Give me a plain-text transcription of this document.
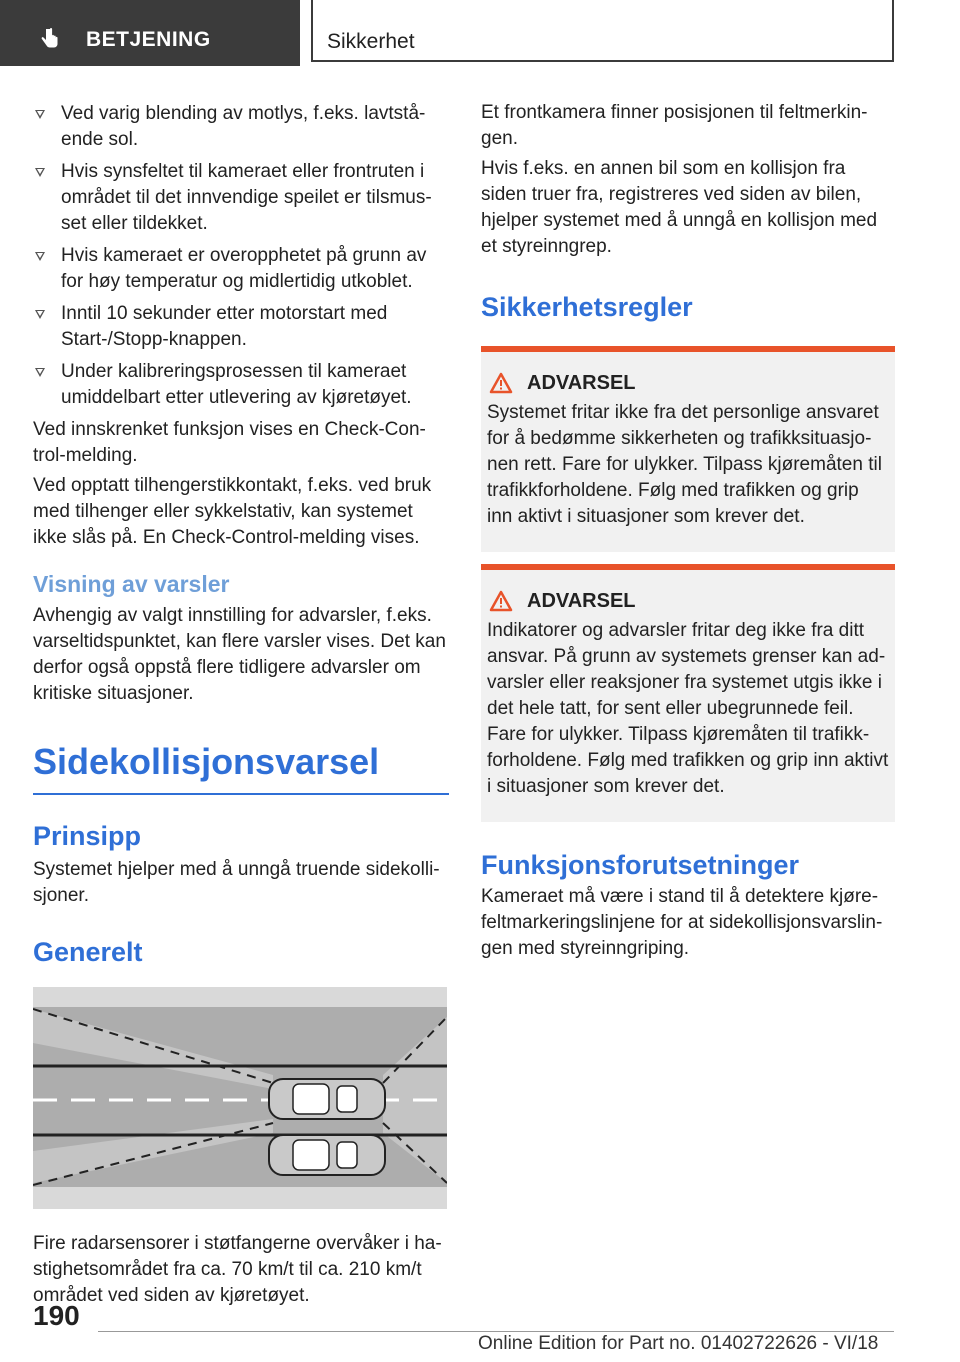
BETJENING	Sikkerhet
Ved varig blending av motlys, f.eks. lavtstående sol.
Hvis synsfeltet til kameraet eller frontruten i området til det innvendige speilet er tilsmusset eller tildekket.
Hvis kameraet er overopphetet på grunn av for høy temperatur og midlertidig utkoblet.
Inntil 10 sekunder etter motorstart med Start-/Stopp-knappen.
Under kalibreringsprosessen til kameraet umiddelbart etter utlevering av kjøretøyet.

Ved innskrenket funksjon vises en Check-Control-melding.

Ved opptatt tilhengerstikkontakt, f.eks. ved bruk med tilhenger eller sykkelstativ, kan systemet ikke slås på. En Check-Control-melding vises.

Visning av varsler

Avhengig av valgt innstilling for advarsler, f.eks. varseltidspunktet, kan flere varsler vises. Det kan derfor også oppstå flere tidligere advarsler om kritiske situasjoner.

Sidekollisjonsvarsel
Prinsipp

Systemet hjelper med å unngå truende sidekollisjoner.

Generelt

Fire radarsensorer i støtfangerne overvåker i hastighetsområdet fra ca. 70 km/t til ca. 210 km/t området ved siden av kjøretøyet.

Et frontkamera finner posisjonen til feltmerkingen.

Hvis f.eks. en annen bil som en kollisjon fra siden truer fra, registreres ved siden av bilen, hjelper systemet med å unngå en kollisjon med et styreinngrep.

Sikkerhetsregler
ADVARSEL

Systemet fritar ikke fra det personlige ansvaret for å bedømme sikkerheten og trafikksituasjonen rett. Fare for ulykker. Tilpass kjøremåten til trafikkforholdene. Følg med trafikken og grip inn aktivt i situasjoner som krever det.

ADVARSEL

Indikatorer og advarsler fritar deg ikke fra ditt ansvar. På grunn av systemets grenser kan advarsler eller reaksjoner fra systemet utgis ikke i det hele tatt, for sent eller ubegrunnede feil. Fare for ulykker. Tilpass kjøremåten til trafikkforholdene. Følg med trafikken og grip inn aktivt i situasjoner som krever det.

Funksjonsforutsetninger

Kameraet må være i stand til å detektere kjørefeltmarkeringslinjene for at sidekollisjonsvarslingen med styreinngriping.

190
Online Edition for Part no. 01402722626 - VI/18
